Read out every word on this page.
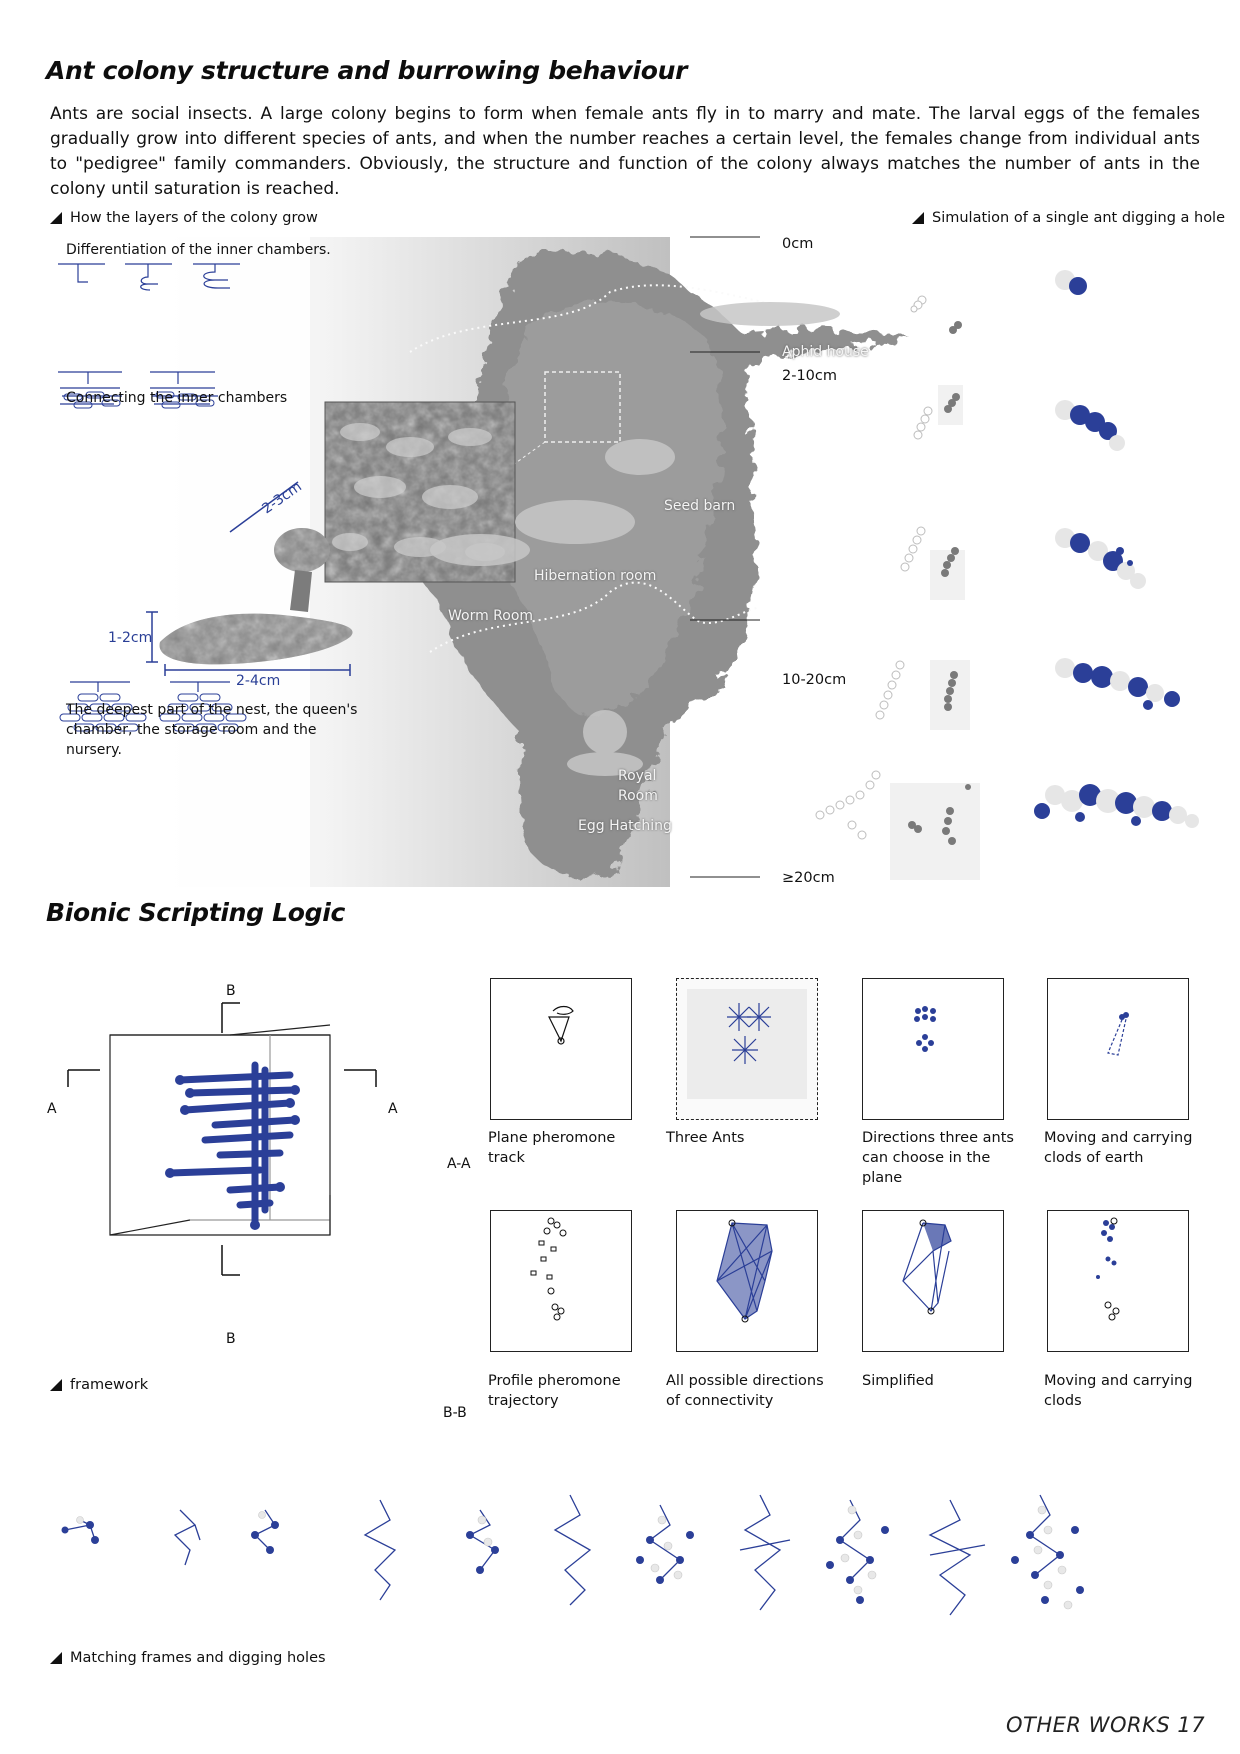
Ant colony structure and burrowing behaviour
Ants are social insects. A large colony begins to form when female ants fly in to marry and mate. The larval eggs of the females gradually grow into different species of ants, and when the number reaches a certain level, the females change from individual ants to "pedigree" family commanders. Obviously, the structure and function of the colony always matches the number of ants in the colony until saturation is reached.
How the layers of the colony grow	Simulation of a single ant digging a hole
Differentiation of the inner chambers.
Connecting the inner chambers
The deepest part of the nest, the queen's chamber, the storage room and the nursery.
2-3cm
1-2cm
2-4cm
0cm
2-10cm
10-20cm
≥20cm
Aphid house
Seed barn
Hibernation room
Worm Room
Royal
Room
Egg Hatching
Bionic Scripting Logic
B
B
A	A
A-A
B-B
framework
Plane pheromone track
Three Ants	Directions three ants can choose in the plane
Moving and carrying clods of earth
Profile pheromone trajectory
All possible directions of connectivity
Simplified	Moving and carrying clods
Matching frames and digging holes
OTHER WORKS 17
